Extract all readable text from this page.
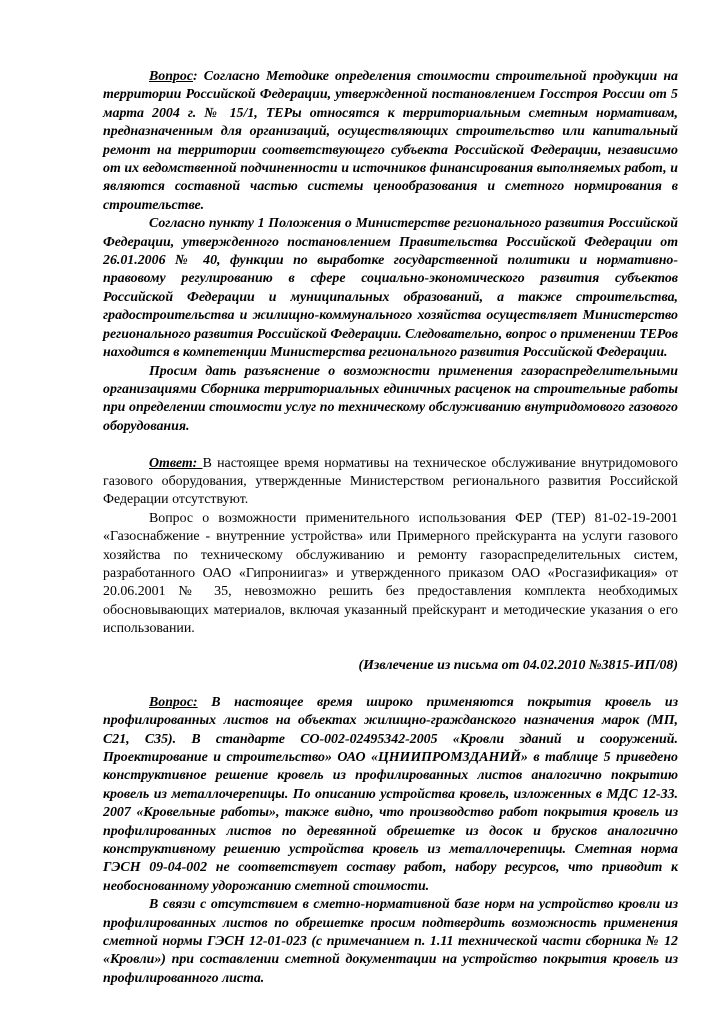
Вопрос: Согласно Методике определения стоимости строительной продукции на территории Российской Федерации, утвержденной постановлением Госстроя России от 5 марта 2004 г. № 15/1, ТЕРы относятся к территориальным сметным нормативам, предназначенным для организаций, осуществляющих строительство или капитальный ремонт на территории соответствующего субъекта Российской Федерации, независимо от их ведомственной подчиненности и источников финансирования выполняемых работ, и являются составной частью системы ценообразования и сметного нормирования в строительстве.

Согласно пункту 1 Положения о Министерстве регионального развития Российской Федерации, утвержденного постановлением Правительства Российской Федерации от 26.01.2006 № 40, функции по выработке государственной политики и нормативно-правовому регулированию в сфере социально-экономического развития субъектов Российской Федерации и муниципальных образований, а также строительства, градостроительства и жилищно-коммунального хозяйства осуществляет Министерство регионального развития Российской Федерации. Следовательно, вопрос о применении ТЕРов находится в компетенции Министерства регионального развития Российской Федерации.

Просим дать разъяснение о возможности применения газораспределительными организациями Сборника территориальных единичных расценок на строительные работы при определении стоимости услуг по техническому обслуживанию внутридомового газового оборудования.

Ответ: В настоящее время нормативы на техническое обслуживание внутридомового газового оборудования, утвержденные Министерством регионального развития Российской Федерации отсутствуют.

Вопрос о возможности применительного использования ФЕР (ТЕР) 81-02-19-2001 «Газоснабжение - внутренние устройства» или Примерного прейскуранта на услуги газового хозяйства по техническому обслуживанию и ремонту газораспределительных систем, разработанного ОАО «Гипрониигаз» и утвержденного приказом ОАО «Росгазификация» от 20.06.2001 № 35, невозможно решить без предоставления комплекта необходимых обосновывающих материалов, включая указанный прейскурант и методические указания о его использовании.

(Извлечение из письма от 04.02.2010 №3815-ИП/08)

Вопрос: В настоящее время широко применяются покрытия кровель из профилированных листов на объектах жилищно-гражданского назначения марок (МП, С21, С35). В стандарте СО-002-02495342-2005 «Кровли зданий и сооружений. Проектирование и строительство» ОАО «ЦНИИПРОМЗДАНИЙ» в таблице 5 приведено конструктивное решение кровель из профилированных листов аналогично покрытию кровель из металлочерепицы. По описанию устройства кровель, изложенных в МДС 12-33. 2007 «Кровельные работы», также видно, что производство работ покрытия кровель из профилированных листов по деревянной обрешетке из досок и брусков аналогично конструктивному решению устройства кровель из металлочерепицы. Сметная норма ГЭСН 09-04-002 не соответствует составу работ, набору ресурсов, что приводит к необоснованному удорожанию сметной стоимости.

В связи с отсутствием в сметно-нормативной базе норм на устройство кровли из профилированных листов по обрешетке просим подтвердить возможность применения сметной нормы ГЭСН 12-01-023 (с примечанием п. 1.11 технической части сборника № 12 «Кровли») при составлении сметной документации на устройство покрытия кровель из профилированного листа.
